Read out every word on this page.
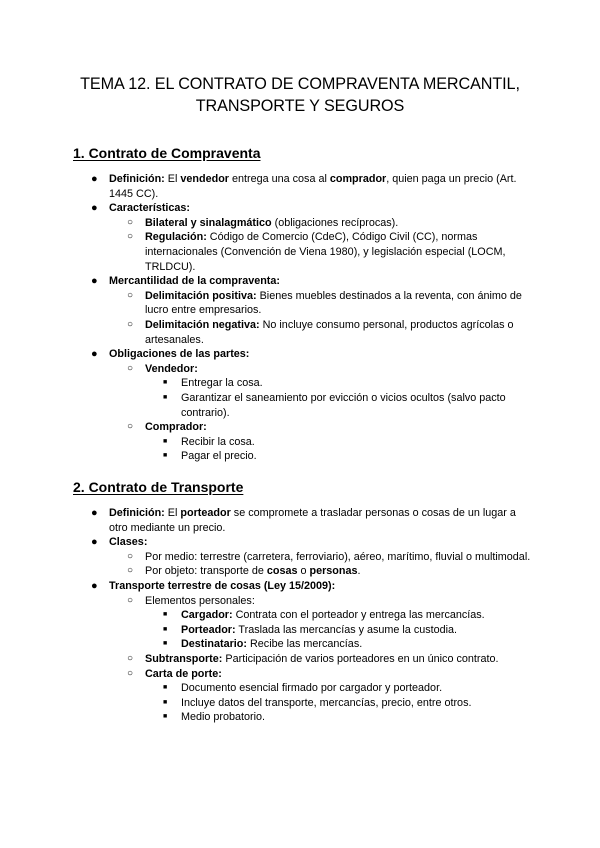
TEMA 12. EL CONTRATO DE COMPRAVENTA MERCANTIL,
TRANSPORTE Y SEGUROS
1. Contrato de Compraventa
● Definición: El vendedor entrega una cosa al comprador, quien paga un precio (Art. 1445 CC).
● Características:
○ Bilateral y sinalagmático (obligaciones recíprocas).
○ Regulación: Código de Comercio (CdeC), Código Civil (CC), normas internacionales (Convención de Viena 1980), y legislación especial (LOCM, TRLDCU).
● Mercantilidad de la compraventa:
○ Delimitación positiva: Bienes muebles destinados a la reventa, con ánimo de lucro entre empresarios.
○ Delimitación negativa: No incluye consumo personal, productos agrícolas o artesanales.
● Obligaciones de las partes:
○ Vendedor:
■ Entregar la cosa.
■ Garantizar el saneamiento por evicción o vicios ocultos (salvo pacto contrario).
○ Comprador:
■ Recibir la cosa.
■ Pagar el precio.
2. Contrato de Transporte
● Definición: El porteador se compromete a trasladar personas o cosas de un lugar a otro mediante un precio.
● Clases:
○ Por medio: terrestre (carretera, ferroviario), aéreo, marítimo, fluvial o multimodal.
○ Por objeto: transporte de cosas o personas.
● Transporte terrestre de cosas (Ley 15/2009):
○ Elementos personales:
■ Cargador: Contrata con el porteador y entrega las mercancías.
■ Porteador: Traslada las mercancías y asume la custodia.
■ Destinatario: Recibe las mercancías.
○ Subtransporte: Participación de varios porteadores en un único contrato.
○ Carta de porte:
■ Documento esencial firmado por cargador y porteador.
■ Incluye datos del transporte, mercancías, precio, entre otros.
■ Medio probatorio.
